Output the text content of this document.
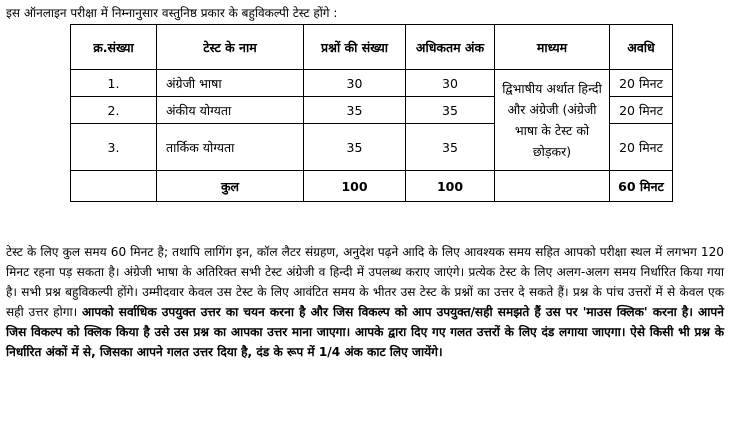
इस ऑनलाइन परीक्षा में निम्नानुसार वस्तुनिष्ठ प्रकार के बहुविकल्पी टेस्ट होंगे :
क्र.संख्या	टेस्ट के नाम	प्रश्नों की संख्या	अधिकतम अंक	माध्यम	अवधि
1.	अंग्रेजी भाषा	30	30	द्विभाषीय अर्थात हिन्दी और अंग्रेजी (अंग्रेजी भाषा के टेस्ट को छोड़कर)	20 मिनट
2.	अंकीय योग्यता	35	35		20 मिनट
3.	तार्किक योग्यता	35	35		20 मिनट
	कुल	100	100		60 मिनट
टेस्ट के लिए कुल समय 60 मिनट है; तथापि लागिंग इन, कॉल लैटर संग्रहण, अनुदेश पढ़ने आदि के लिए आवश्यक समय सहित आपको परीक्षा स्थल में लगभग 120 मिनट रहना पड़ सकता है। अंग्रेजी भाषा के अतिरिक्त सभी टेस्ट अंग्रेजी व हिन्दी में उपलब्ध कराए जाएंगे। प्रत्येक टेस्ट के लिए अलग-अलग समय निर्धारित किया गया है। सभी प्रश्न बहुविकल्पी होंगे। उम्मीदवार केवल उस टेस्ट के लिए आवंटित समय के भीतर उस टेस्ट के प्रश्नों का उत्तर दे सकते हैं। प्रश्न के पांच उत्तरों में से केवल एक सही उत्तर होगा। आपको सर्वाधिक उपयुक्त उत्तर का चयन करना है और जिस विकल्प को आप उपयुक्त/सही समझते हैं उस पर 'माउस क्लिक' करना है। आपने जिस विकल्प को क्लिक किया है उसे उस प्रश्न का आपका उत्तर माना जाएगा। आपके द्वारा दिए गए गलत उत्तरों के लिए दंड लगाया जाएगा। ऐसे किसी भी प्रश्न के निर्धारित अंकों में से, जिसका आपने गलत उत्तर दिया है, दंड के रूप में 1/4 अंक काट लिए जायेंगे।
